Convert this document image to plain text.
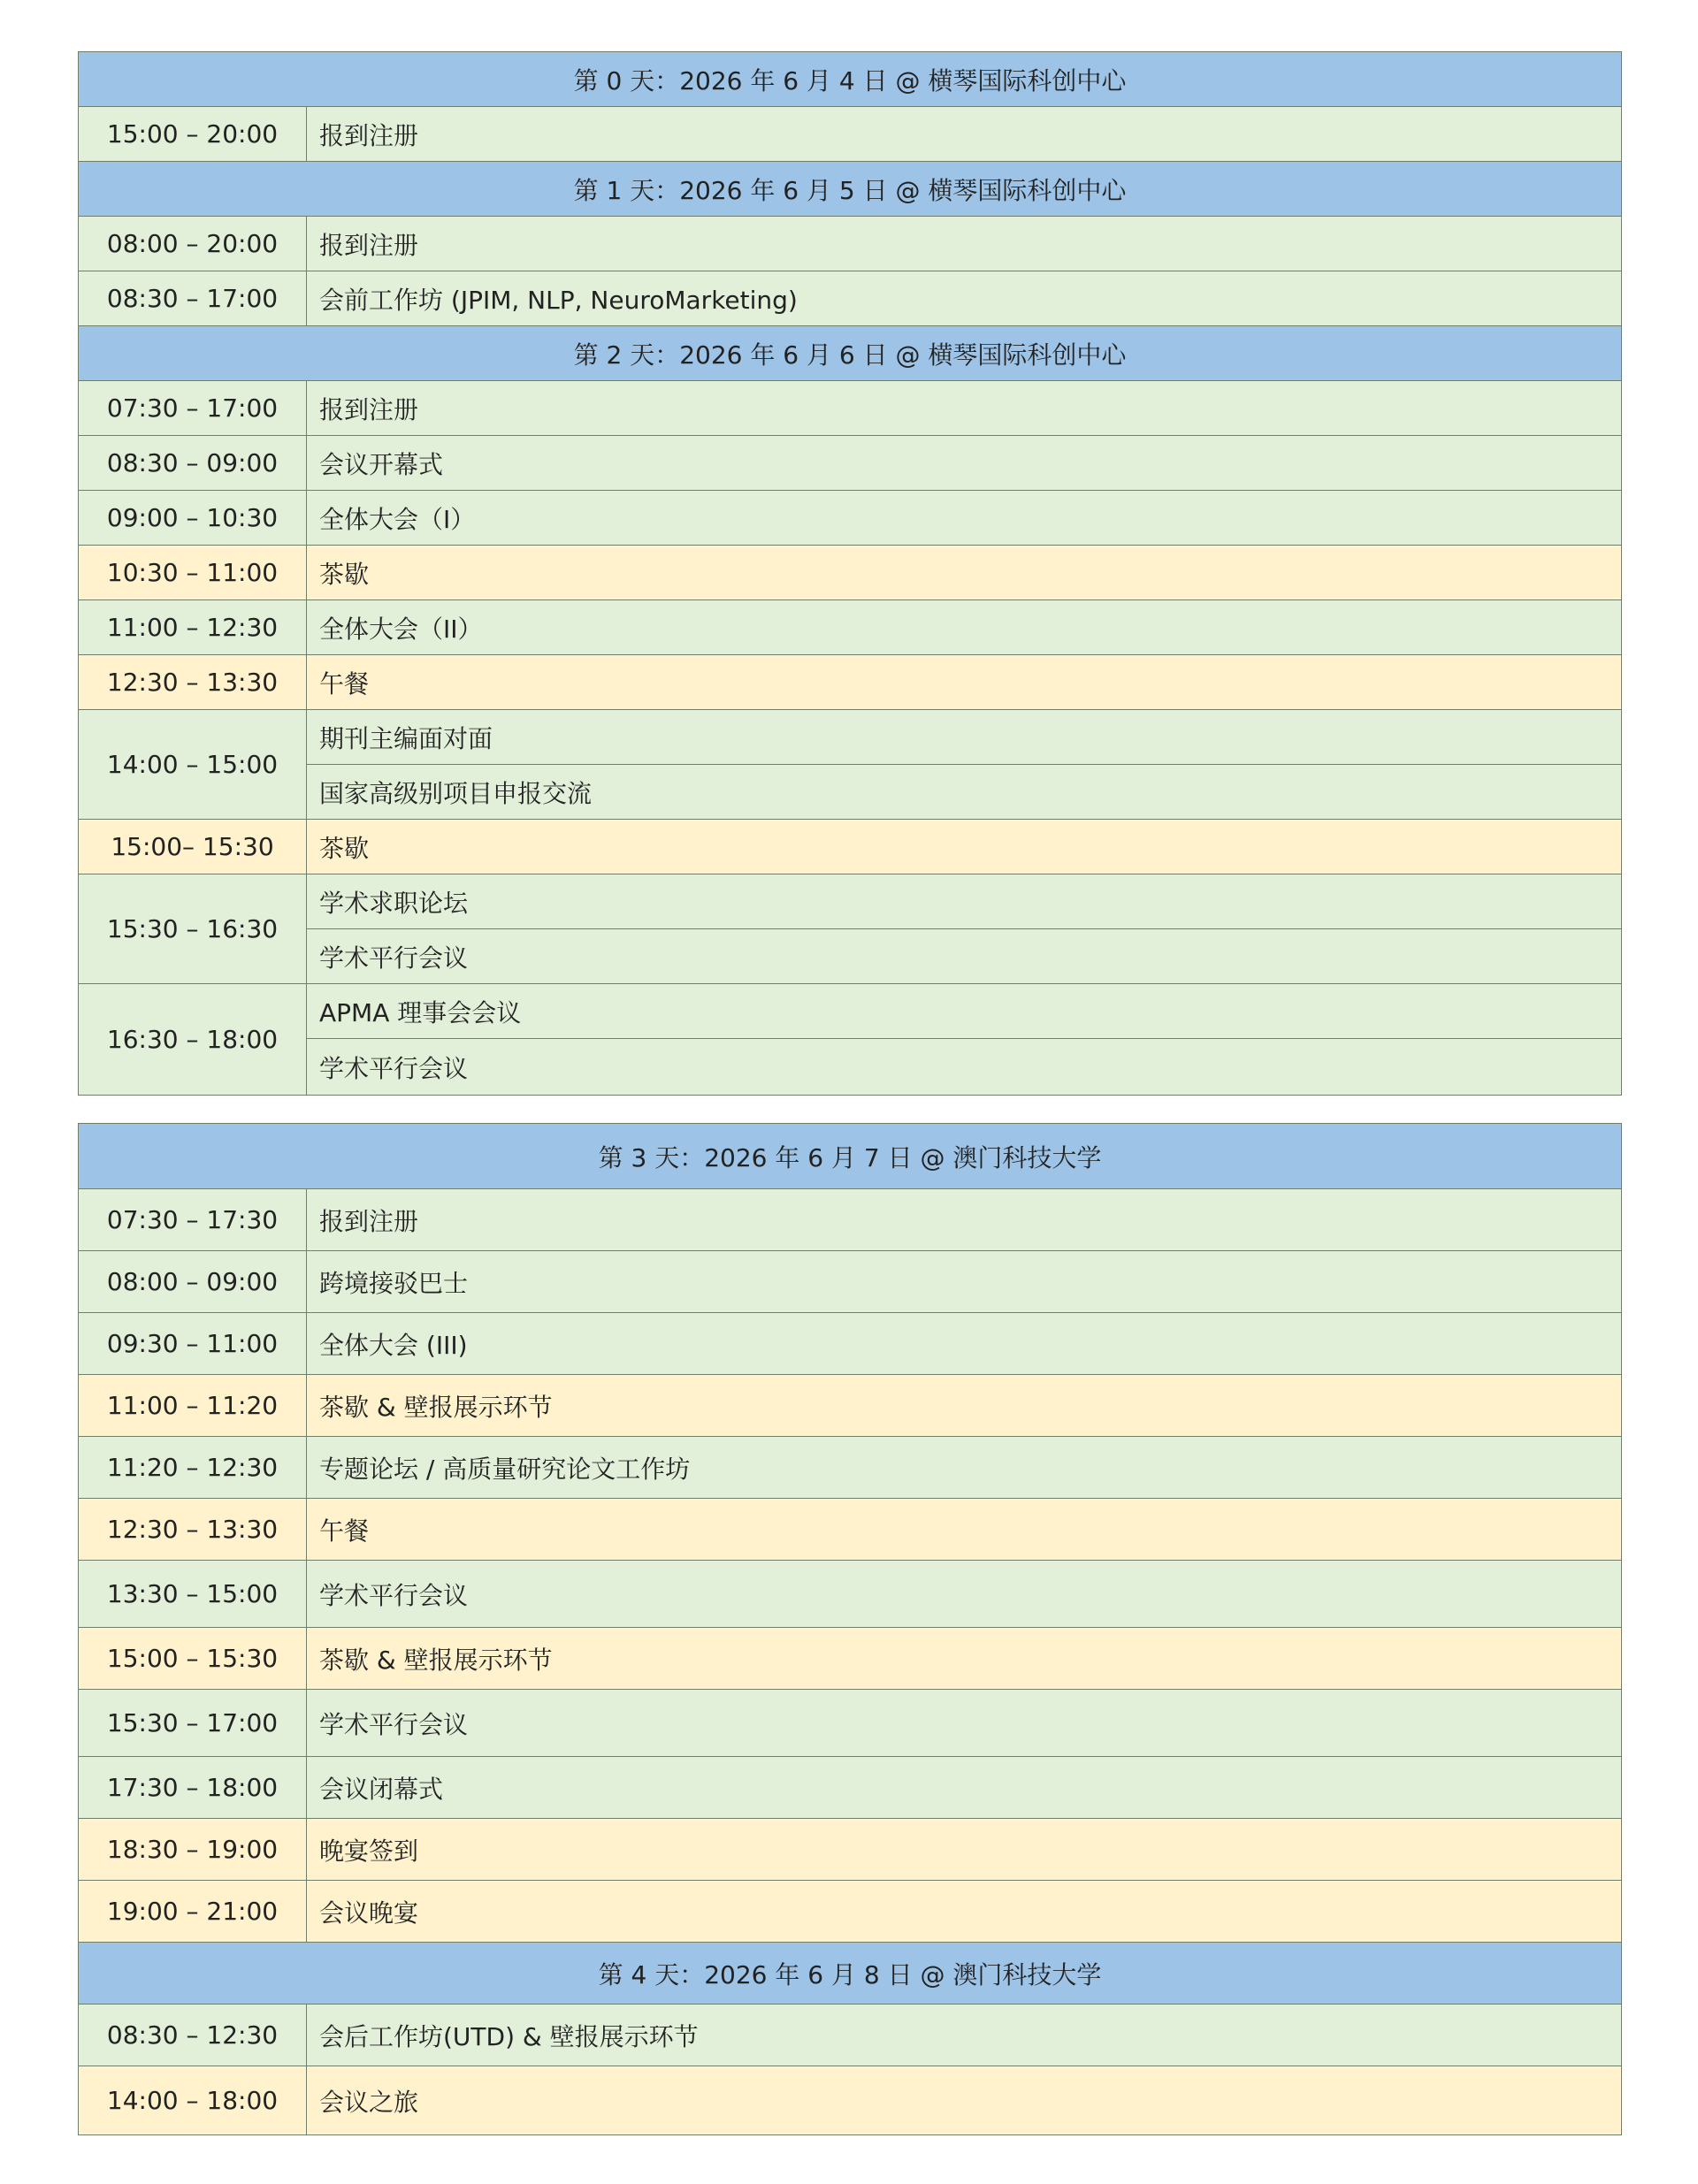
第 0 天：2026 年 6 月 4 日 @ 横琴国际科创中心	
15:00 – 20:00	报到注册
第 1 天：2026 年 6 月 5 日 @ 横琴国际科创中心	
08:00 – 20:00	报到注册
08:30 – 17:00	会前工作坊 (JPIM, NLP, NeuroMarketing)
第 2 天：2026 年 6 月 6 日 @ 横琴国际科创中心	
07:30 – 17:00	报到注册
08:30 – 09:00	会议开幕式
09:00 – 10:30	全体大会（I）
10:30 – 11:00	茶歇
11:00 – 12:30	全体大会（II）
12:30 – 13:30	午餐
14:00 – 15:00	期刊主编面对面
	国家高级别项目申报交流
15:00– 15:30	茶歇
15:30 – 16:30	学术求职论坛
	学术平行会议
16:30 – 18:00	APMA 理事会会议
	学术平行会议
第 3 天：2026 年 6 月 7 日 @ 澳门科技大学	
07:30 – 17:30	报到注册
08:00 – 09:00	跨境接驳巴士
09:30 – 11:00	全体大会 (III)
11:00 – 11:20	茶歇 & 壁报展示环节
11:20 – 12:30	专题论坛 / 高质量研究论文工作坊
12:30 – 13:30	午餐
13:30 – 15:00	学术平行会议
15:00 – 15:30	茶歇 & 壁报展示环节
15:30 – 17:00	学术平行会议
17:30 – 18:00	会议闭幕式
18:30 – 19:00	晚宴签到
19:00 – 21:00	会议晚宴
第 4 天：2026 年 6 月 8 日 @ 澳门科技大学	
08:30 – 12:30	会后工作坊(UTD) & 壁报展示环节
14:00 – 18:00	会议之旅
